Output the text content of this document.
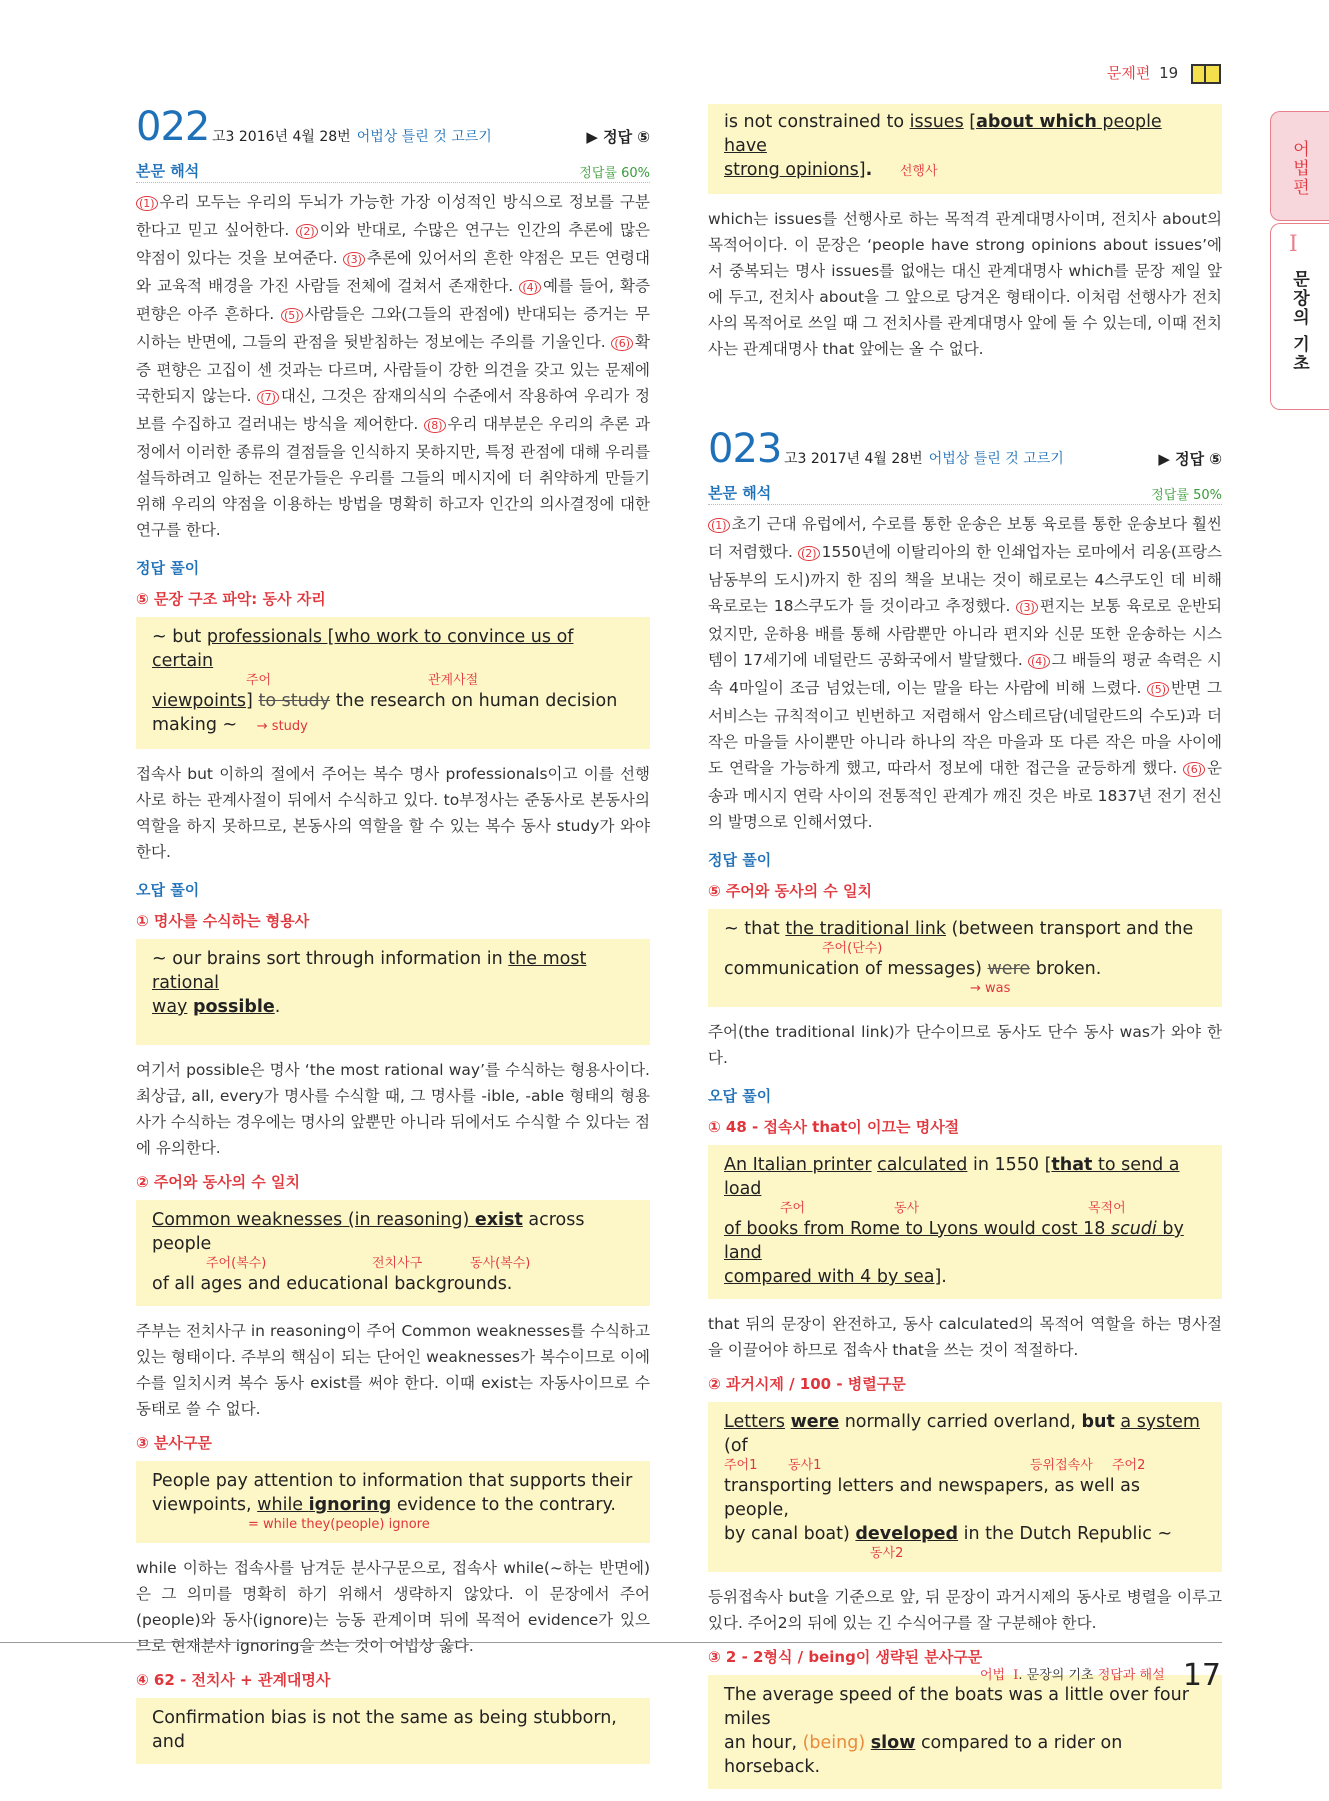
문제편 19
어법편
I
문장의 기초
022 고3 2016년 4월 28번 어법상 틀린 것 고르기	▶ 정답 ⑤
본문 해석	정답률 60%

(1) 우리 모두는 우리의 두뇌가 가능한 가장 이성적인 방식으로 정보를 구분한다고 믿고 싶어한다. (2) 이와 반대로, 수많은 연구는 인간의 추론에 많은 약점이 있다는 것을 보여준다. (3) 추론에 있어서의 흔한 약점은 모든 연령대와 교육적 배경을 가진 사람들 전체에 걸쳐서 존재한다. (4) 예를 들어, 확증 편향은 아주 흔하다. (5) 사람들은 그와(그들의 관점에) 반대되는 증거는 무시하는 반면에, 그들의 관점을 뒷받침하는 정보에는 주의를 기울인다. (6) 확증 편향은 고집이 센 것과는 다르며, 사람들이 강한 의견을 갖고 있는 문제에 국한되지 않는다. (7) 대신, 그것은 잠재의식의 수준에서 작용하여 우리가 정보를 수집하고 걸러내는 방식을 제어한다. (8) 우리 대부분은 우리의 추론 과정에서 이러한 종류의 결점들을 인식하지 못하지만, 특정 관점에 대해 우리를 설득하려고 일하는 전문가들은 우리를 그들의 메시지에 더 취약하게 만들기 위해 우리의 약점을 이용하는 방법을 명확히 하고자 인간의 의사결정에 대한 연구를 한다.

정답 풀이
⑤ 문장 구조 파악: 동사 자리
~ but professionals [who work to convince us of certain
주어	관계사절
viewpoints] to study the research on human decision
making ~ → study

접속사 but 이하의 절에서 주어는 복수 명사 professionals이고 이를 선행사로 하는 관계사절이 뒤에서 수식하고 있다. to부정사는 준동사로 본동사의 역할을 하지 못하므로, 본동사의 역할을 할 수 있는 복수 동사 study가 와야 한다.

오답 풀이
① 명사를 수식하는 형용사
~ our brains sort through information in the most rational
way possible.

여기서 possible은 명사 ‘the most rational way’를 수식하는 형용사이다. 최상급, all, every가 명사를 수식할 때, 그 명사를 -ible, -able 형태의 형용사가 수식하는 경우에는 명사의 앞뿐만 아니라 뒤에서도 수식할 수 있다는 점에 유의한다.

② 주어와 동사의 수 일치
Common weaknesses (in reasoning) exist across people
주어(복수)	전치사구	동사(복수)
of all ages and educational backgrounds.

주부는 전치사구 in reasoning이 주어 Common weaknesses를 수식하고 있는 형태이다. 주부의 핵심이 되는 단어인 weaknesses가 복수이므로 이에 수를 일치시켜 복수 동사 exist를 써야 한다. 이때 exist는 자동사이므로 수동태로 쓸 수 없다.

③ 분사구문
People pay attention to information that supports their
viewpoints, while ignoring evidence to the contrary.
= while they(people) ignore

while 이하는 접속사를 남겨둔 분사구문으로, 접속사 while(~하는 반면에)은 그 의미를 명확히 하기 위해서 생략하지 않았다. 이 문장에서 주어(people)와 동사(ignore)는 능동 관계이며 뒤에 목적어 evidence가 있으므로 현재분사 ignoring을 쓰는 것이 어법상 옳다.

④ 62 - 전치사 + 관계대명사
Confirmation bias is not the same as being stubborn, and
is not constrained to issues [about which people have
strong opinions]. 선행사

which는 issues를 선행사로 하는 목적격 관계대명사이며, 전치사 about의 목적어이다. 이 문장은 ‘people have strong opinions about issues’에서 중복되는 명사 issues를 없애는 대신 관계대명사 which를 문장 제일 앞에 두고, 전치사 about을 그 앞으로 당겨온 형태이다. 이처럼 선행사가 전치사의 목적어로 쓰일 때 그 전치사를 관계대명사 앞에 둘 수 있는데, 이때 전치사는 관계대명사 that 앞에는 올 수 없다.

023 고3 2017년 4월 28번 어법상 틀린 것 고르기	▶ 정답 ⑤
본문 해석	정답률 50%

(1) 초기 근대 유럽에서, 수로를 통한 운송은 보통 육로를 통한 운송보다 훨씬 더 저렴했다. (2) 1550년에 이탈리아의 한 인쇄업자는 로마에서 리옹(프랑스 남동부의 도시)까지 한 짐의 책을 보내는 것이 해로로는 4스쿠도인 데 비해 육로로는 18스쿠도가 들 것이라고 추정했다. (3) 편지는 보통 육로로 운반되었지만, 운하용 배를 통해 사람뿐만 아니라 편지와 신문 또한 운송하는 시스템이 17세기에 네덜란드 공화국에서 발달했다. (4) 그 배들의 평균 속력은 시속 4마일이 조금 넘었는데, 이는 말을 타는 사람에 비해 느렸다. (5) 반면 그 서비스는 규칙적이고 빈번하고 저렴해서 암스테르담(네덜란드의 수도)과 더 작은 마을들 사이뿐만 아니라 하나의 작은 마을과 또 다른 작은 마을 사이에도 연락을 가능하게 했고, 따라서 정보에 대한 접근을 균등하게 했다. (6) 운송과 메시지 연락 사이의 전통적인 관계가 깨진 것은 바로 1837년 전기 전신의 발명으로 인해서였다.

정답 풀이
⑤ 주어와 동사의 수 일치
~ that the traditional link (between transport and the
주어(단수)
communication of messages) were broken.
→ was

주어(the traditional link)가 단수이므로 동사도 단수 동사 was가 와야 한다.

오답 풀이
① 48 - 접속사 that이 이끄는 명사절
An Italian printer calculated in 1550 [that to send a load
주어	동사	목적어
of books from Rome to Lyons would cost 18 scudi by land
compared with 4 by sea].

that 뒤의 문장이 완전하고, 동사 calculated의 목적어 역할을 하는 명사절을 이끌어야 하므로 접속사 that을 쓰는 것이 적절하다.

② 과거시제 / 100 - 병렬구문
Letters were normally carried overland, but a system (of
주어1 동사1	등위접속사 주어2
transporting letters and newspapers, as well as people,
by canal boat) developed in the Dutch Republic ~
동사2

등위접속사 but을 기준으로 앞, 뒤 문장이 과거시제의 동사로 병렬을 이루고 있다. 주어2의 뒤에 있는 긴 수식어구를 잘 구분해야 한다.

③ 2 - 2형식 / being이 생략된 분사구문
The average speed of the boats was a little over four miles
an hour, (being) slow compared to a rider on horseback.
어법 I. 문장의 기초 정답과 해설 17
